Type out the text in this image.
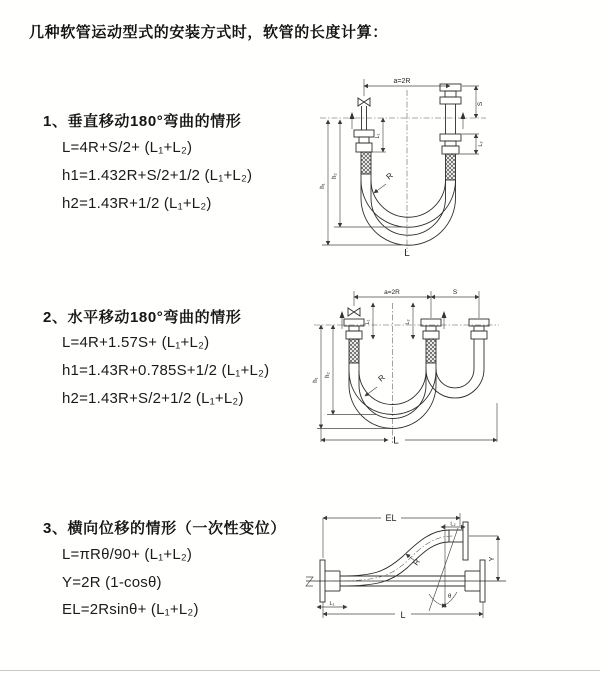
几种软管运动型式的安装方式时，软管的长度计算：
1、垂直移动180°弯曲的情形
L=4R+S/2+ (L₁+L₂)
h1=1.432R+S/2+1/2 (L₁+L₂)
h2=1.43R+1/2 (L₁+L₂)
2、水平移动180°弯曲的情形
L=4R+1.57S+ (L₁+L₂)
h1=1.43R+0.785S+1/2 (L₁+L₂)
h2=1.43R+S/2+1/2 (L₁+L₂)
3、横向位移的情形（一次性变位）
L=πRθ/90+ (L₁+L₂)
Y=2R (1-cosθ)
EL=2Rsinθ+ (L₁+L₂)
a=2R
h₁
h₂
L₁
S
L₂
R
L
a=2R	S
L₁	L₂
h₁
h₂
L
R
EL
L₂
Y
θ
R
L₁
L
